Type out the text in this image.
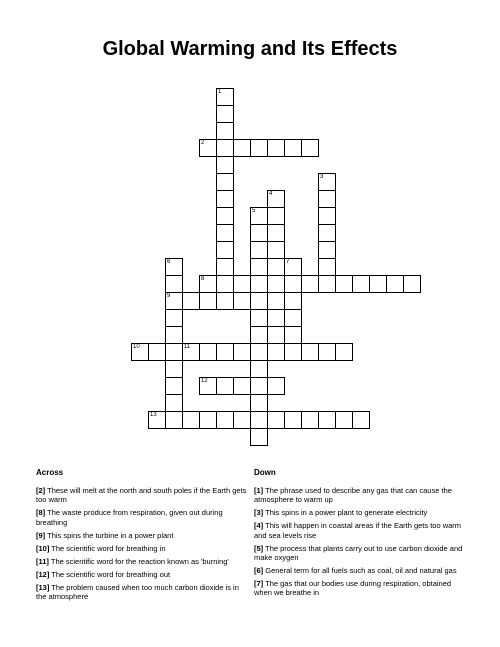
Global Warming and Its Effects
1
2
3
4
5
6
9
7
8
10	11
12
13
Across	Down
[2] These will melt at the north and south poles if the Earth gets too warm
[8] The waste produce from respiration, given out during breathing
[9] This spins the turbine in a power plant
[10] The scientific word for breathing in
[11] The scientific word for the reaction known as 'burning'
[12] The scientific word for breathing out
[13] The problem caused when too much carbon dioxide is in the atmosphere
[1] The phrase used to describe any gas that can cause the atmosphere to warm up
[3] This spins in a power plant to generate electricity
[4] This will happen in coastal areas if the Earth gets too warm and sea levels rise
[5] The process that plants carry out to use carbon dioxide and make oxygen
[6] General term for all fuels such as coal, oil and natural gas
[7] The gas that our bodies use during respiration, obtained when we breathe in
